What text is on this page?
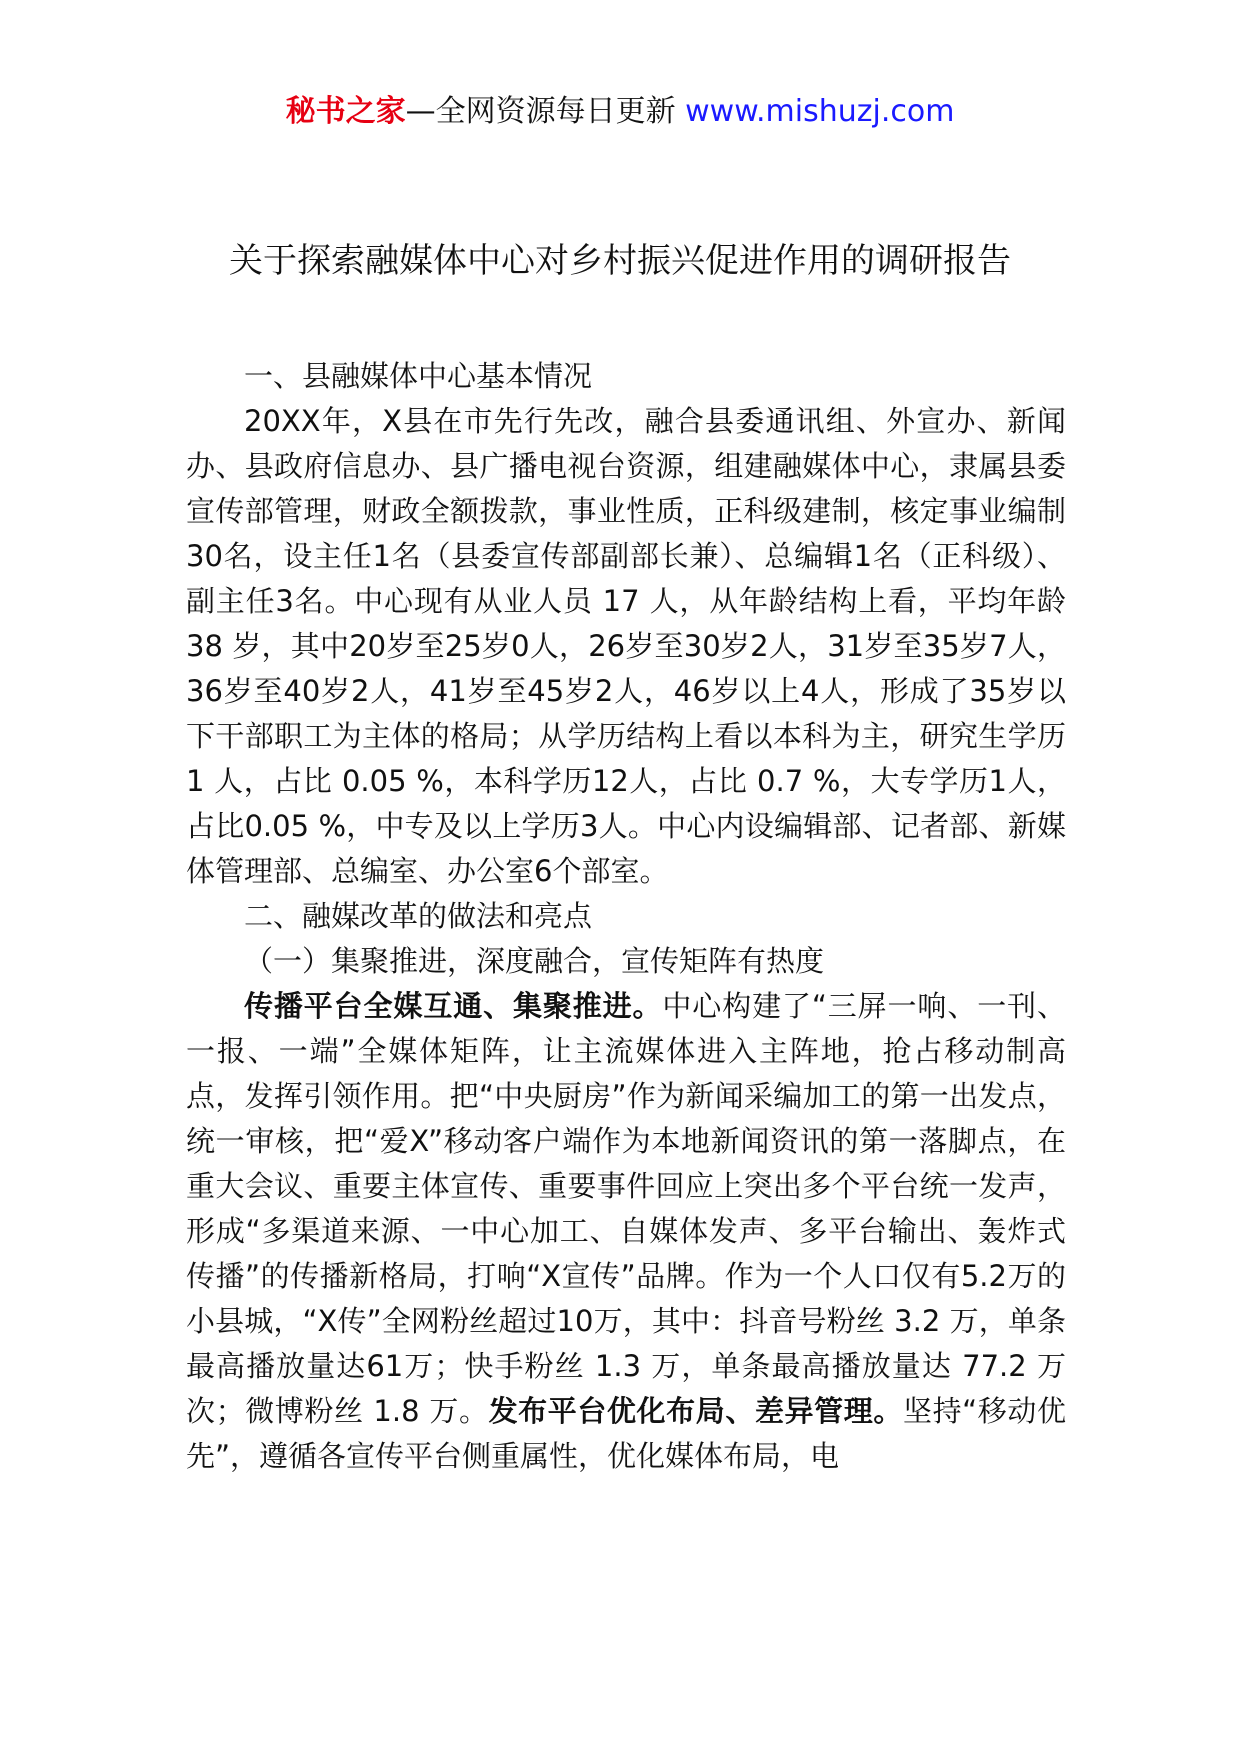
秘书之家—全网资源每日更新 www.mishuzj.com
关于探索融媒体中心对乡村振兴促进作用的调研报告

一、县融媒体中心基本情况

20XX年，X县在市先行先改，融合县委通讯组、外宣办、新闻办、县政府信息办、县广播电视台资源，组建融媒体中心，隶属县委宣传部管理，财政全额拨款，事业性质，正科级建制，核定事业编制30名，设主任1名（县委宣传部副部长兼）、总编辑1名（正科级）、副主任3名。中心现有从业人员 17 人，从年龄结构上看，平均年龄 38 岁，其中20岁至25岁0人，26岁至30岁2人，31岁至35岁7人，36岁至40岁2人，41岁至45岁2人，46岁以上4人，形成了35岁以下干部职工为主体的格局；从学历结构上看以本科为主，研究生学历 1 人，占比 0.05 %，本科学历12人，占比 0.7 %，大专学历1人，占比0.05 %，中专及以上学历3人。中心内设编辑部、记者部、新媒体管理部、总编室、办公室6个部室。

二、融媒改革的做法和亮点

（一）集聚推进，深度融合，宣传矩阵有热度

传播平台全媒互通、集聚推进。中心构建了“三屏一响、一刊、一报、一端”全媒体矩阵，让主流媒体进入主阵地，抢占移动制高点，发挥引领作用。把“中央厨房”作为新闻采编加工的第一出发点，统一审核，把“爱X”移动客户端作为本地新闻资讯的第一落脚点，在重大会议、重要主体宣传、重要事件回应上突出多个平台统一发声，形成“多渠道来源、一中心加工、自媒体发声、多平台输出、轰炸式传播”的传播新格局，打响“X宣传”品牌。作为一个人口仅有5.2万的小县城，“X传”全网粉丝超过10万，其中：抖音号粉丝 3.2 万，单条最高播放量达61万；快手粉丝 1.3 万，单条最高播放量达 77.2 万次；微博粉丝 1.8 万。发布平台优化布局、差异管理。坚持“移动优先”，遵循各宣传平台侧重属性，优化媒体布局，电
